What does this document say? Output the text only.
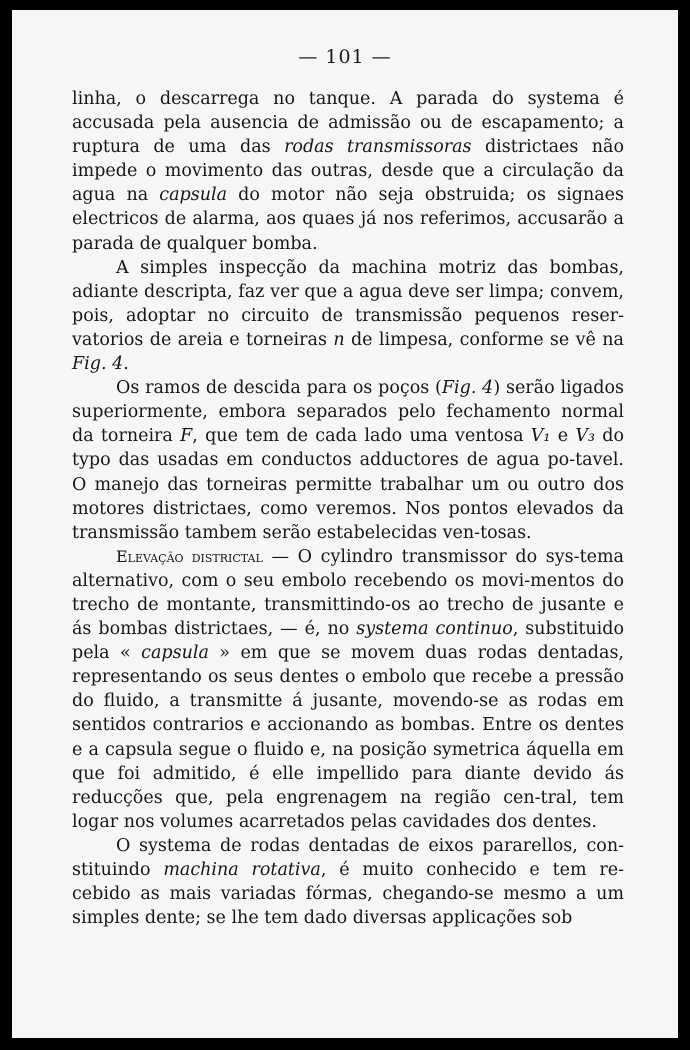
— 101 —

linha, o descarrega no tanque. A parada do systema é accusada pela ausencia de admissão ou de escapamento; a ruptura de uma das rodas transmissoras districtaes não impede o movimento das outras, desde que a circulação da agua na capsula do motor não seja obstruida; os signaes electricos de alarma, aos quaes já nos referimos, accusarão a parada de qualquer bomba.

A simples inspecção da machina motriz das bombas, adiante descripta, faz ver que a agua deve ser limpa; convem, pois, adoptar no circuito de transmissão pequenos reser-vatorios de areia e torneiras n de limpesa, conforme se vê na Fig. 4.

Os ramos de descida para os poços (Fig. 4) serão ligados superiormente, embora separados pelo fechamento normal da torneira F, que tem de cada lado uma ventosa V₁ e V₃ do typo das usadas em conductos adductores de agua po-tavel. O manejo das torneiras permitte trabalhar um ou outro dos motores districtaes, como veremos. Nos pontos elevados da transmissão tambem serão estabelecidas ven-tosas.

Elevação districtal — O cylindro transmissor do sys-tema alternativo, com o seu embolo recebendo os movi-mentos do trecho de montante, transmittindo-os ao trecho de jusante e ás bombas districtaes, — é, no systema continuo, substituido pela « capsula » em que se movem duas rodas dentadas, representando os seus dentes o embolo que recebe a pressão do fluido, a transmitte á jusante, movendo-se as rodas em sentidos contrarios e accionando as bombas. Entre os dentes e a capsula segue o fluido e, na posição symetrica áquella em que foi admitido, é elle impellido para diante devido ás reducções que, pela engrenagem na região cen-tral, tem logar nos volumes acarretados pelas cavidades dos dentes.

O systema de rodas dentadas de eixos pararellos, con-stituindo machina rotativa, é muito conhecido e tem re-cebido as mais variadas fórmas, chegando-se mesmo a um simples dente; se lhe tem dado diversas applicações sob
